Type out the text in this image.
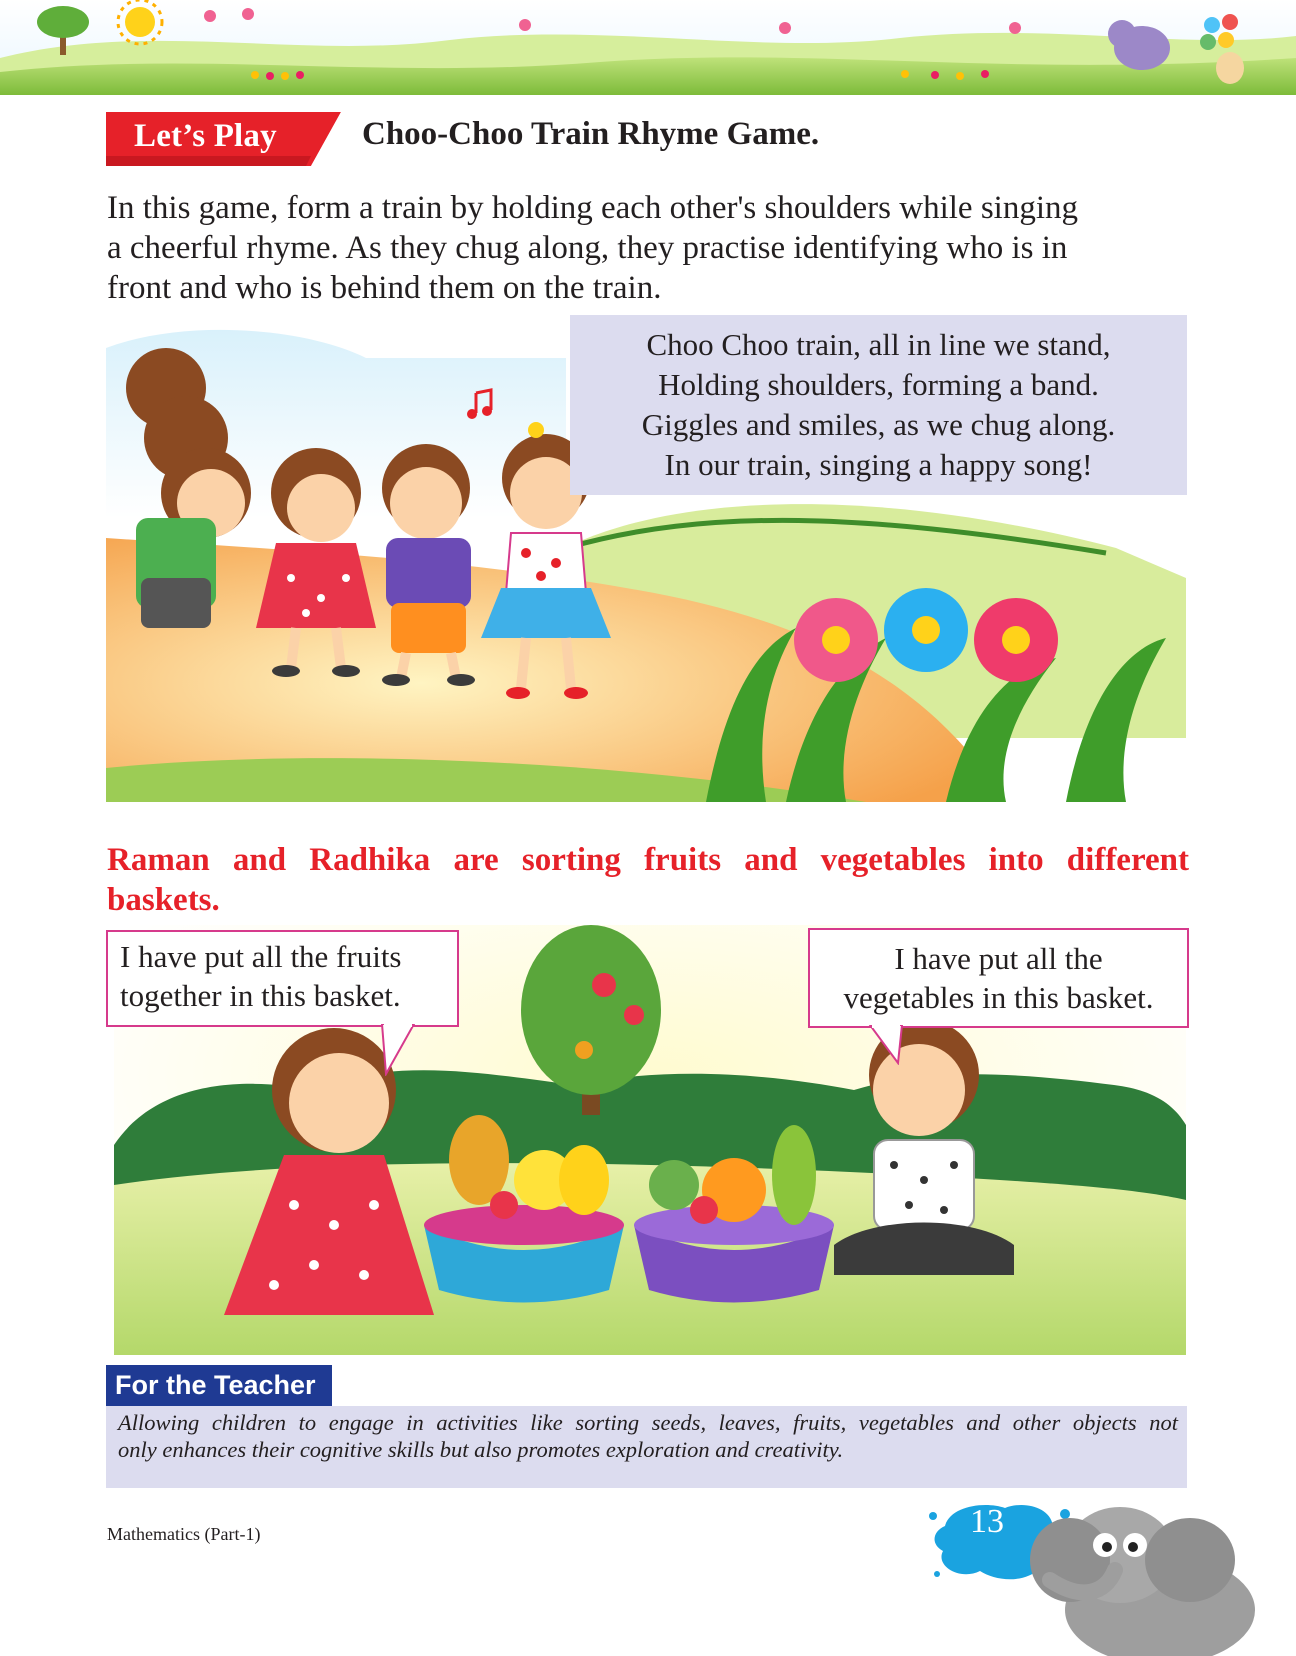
Let’s Play	Choo-Choo Train Rhyme Game.
In this game, form a train by holding each other's shoulders while singing
a cheerful rhyme. As they chug along, they practise identifying who is in
front and who is behind them on the train.
Choo Choo train, all in line we stand,
Holding shoulders, forming a band.
Giggles and smiles, as we chug along.
In our train, singing a happy song!
Raman and Radhika are sorting fruits and vegetables into different
baskets.
I have put all the fruits
together in this basket.
I have put all the
vegetables in this basket.
For the Teacher
Allowing children to engage in activities like sorting seeds, leaves, fruits, vegetables and other objects not
only enhances their cognitive skills but also promotes exploration and creativity.
Mathematics (Part-1)	13
